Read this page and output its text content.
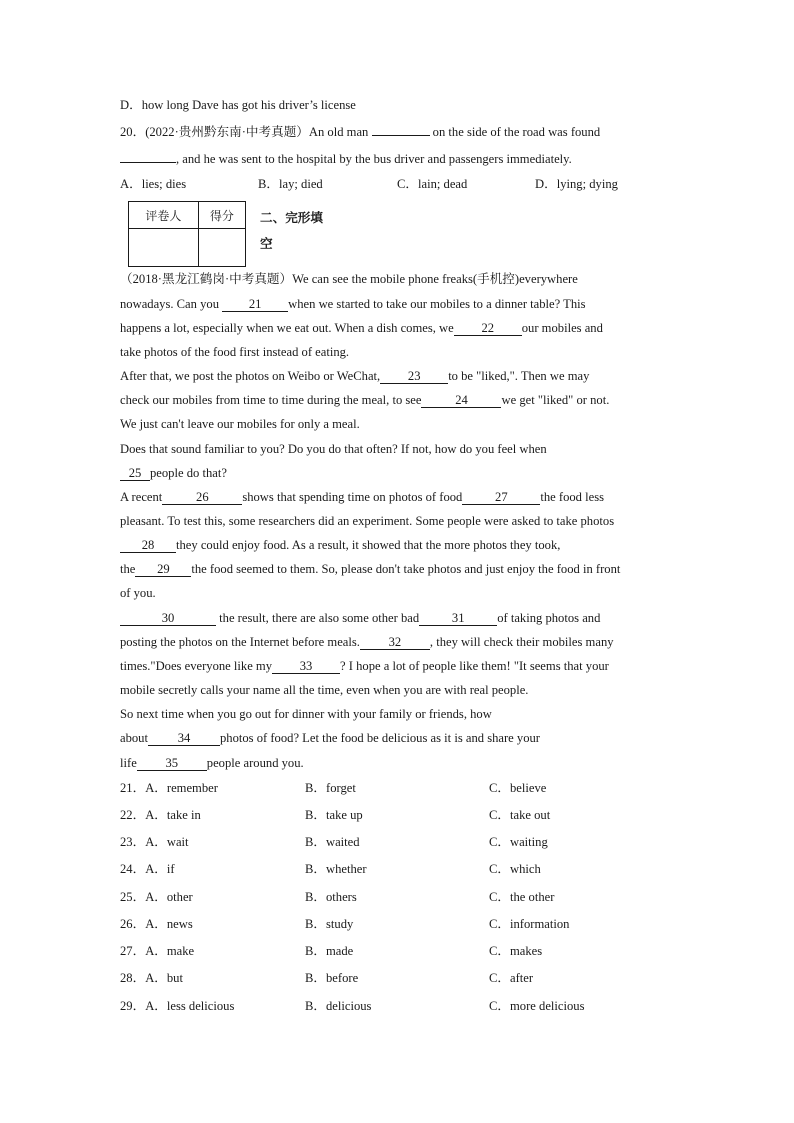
D．how long Dave has got his driver’s license
20．(2022·贵州黔东南·中考真题）An old man	on the side of the road was found
, and he was sent to the hospital by the bus driver and passengers immediately.
A．lies; dies	B．lay; died	C．lain; dead	D．lying; dying
评卷人	得分
	二、完形填
空
（2018·黑龙江鹤岗·中考真题）We can see the mobile phone freaks(手机控)everywhere
nowadays. Can you 21 when we started to take our mobiles to a dinner table? This
happens a lot, especially when we eat out. When a dish comes, we 22 our mobiles and
take photos of the food first instead of eating.
After that, we post the photos on Weibo or WeChat, 23 to be "liked,". Then we may
check our mobiles from time to time during the meal, to see	24	we get "liked" or not.
We just can't leave our mobiles for only a meal.
Does that sound familiar to you? Do you do that often? If not, how do you feel when
25 people do that?
A recent	26	shows that spending time on photos of food	27	the food less
pleasant. To test this, some researchers did an experiment. Some people were asked to take photos
28 they could enjoy food. As a result, it showed that the more photos they took,
the 29 the food seemed to them. So, please don't take photos and just enjoy the food in front
of you.
30	the result, there are also some other bad	31	of taking photos and
posting the photos on the Internet before meals. 32 , they will check their mobiles many
times."Does everyone like my 33 ? I hope a lot of people like them! "It seems that your
mobile secretly calls your name all the time, even when you are with real people.
So next time when you go out for dinner with your family or friends, how
about 34 photos of food? Let the food be delicious as it is and share your
life 35 people around you.
21．A．remember	B．forget	C．believe
22．A．take in	B．take up	C．take out
23．A．wait	B．waited	C．waiting
24．A．if	B．whether	C．which
25．A．other	B．others	C．the other
26．A．news	B．study	C．information
27．A．make	B．made	C．makes
28．A．but	B．before	C．after
29．A．less delicious	B．delicious	C．more delicious
